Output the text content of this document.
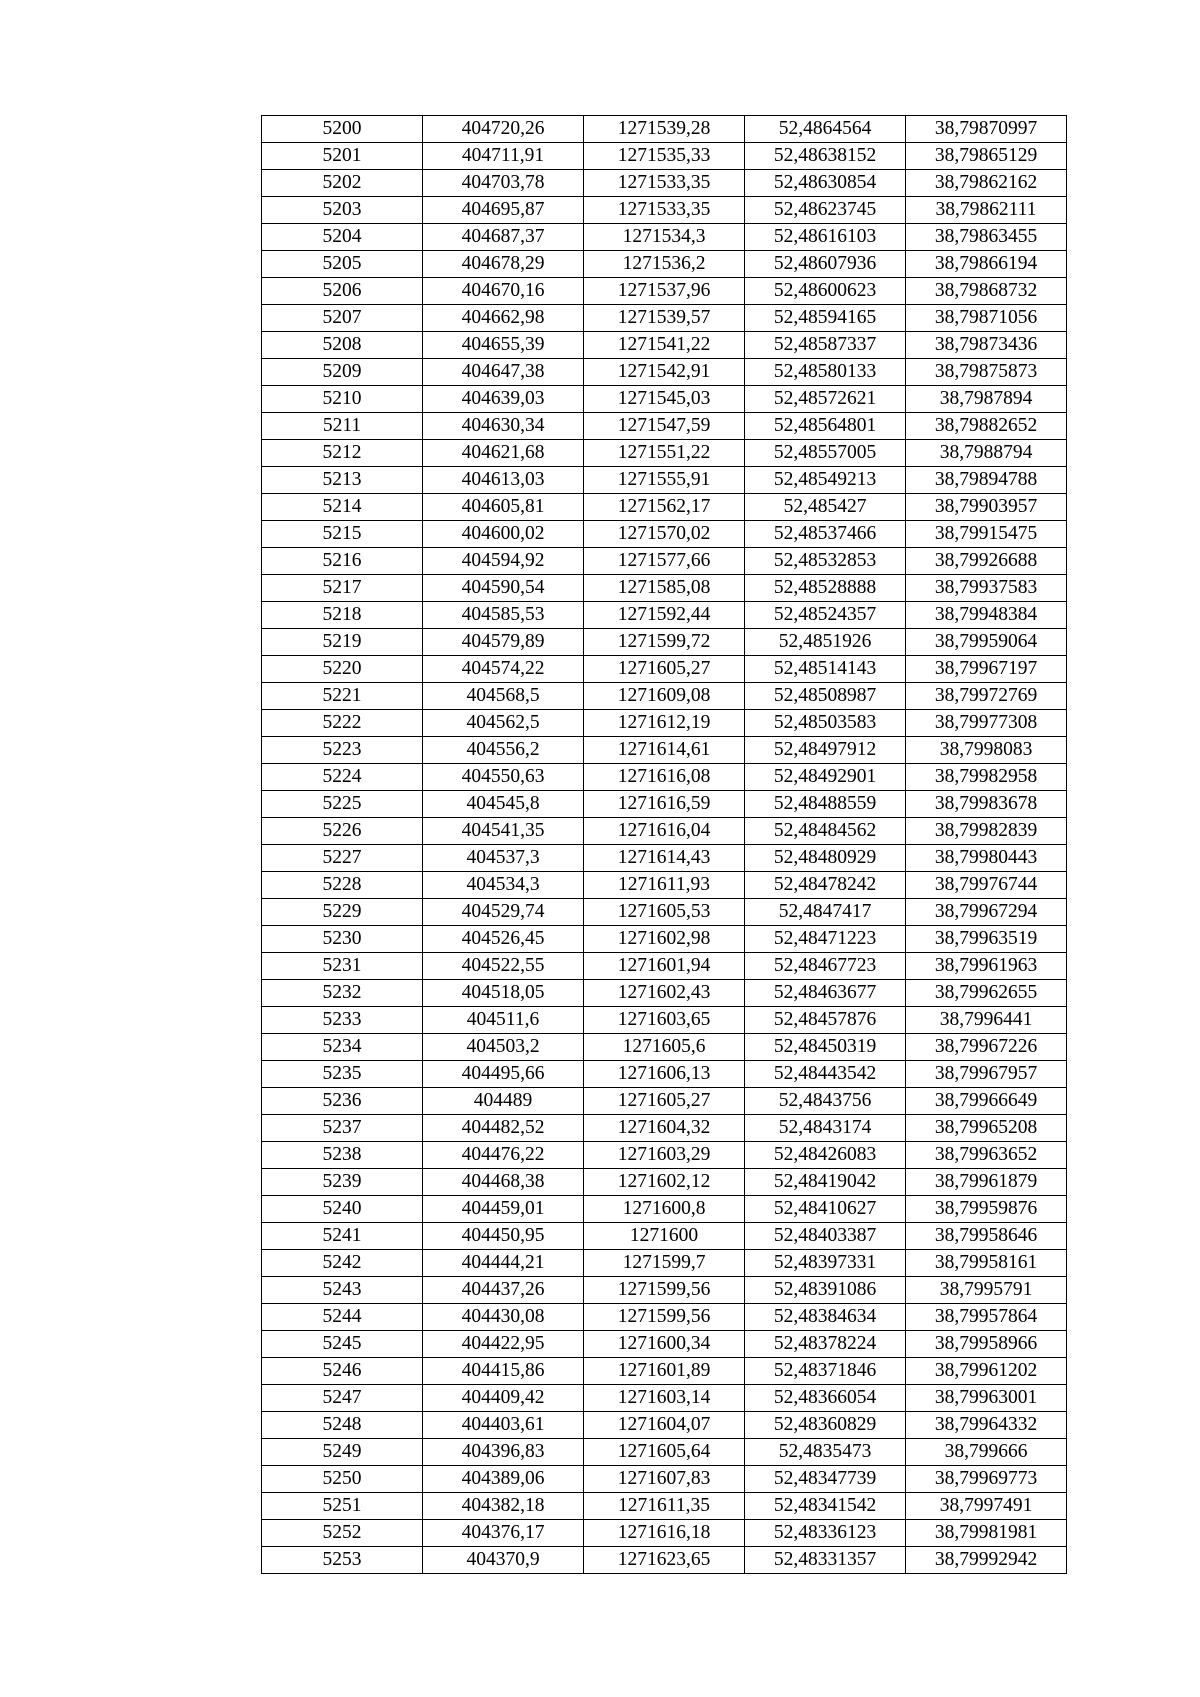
5200	404720,26	1271539,28	52,4864564	38,79870997
5201	404711,91	1271535,33	52,48638152	38,79865129
5202	404703,78	1271533,35	52,48630854	38,79862162
5203	404695,87	1271533,35	52,48623745	38,79862111
5204	404687,37	1271534,3	52,48616103	38,79863455
5205	404678,29	1271536,2	52,48607936	38,79866194
5206	404670,16	1271537,96	52,48600623	38,79868732
5207	404662,98	1271539,57	52,48594165	38,79871056
5208	404655,39	1271541,22	52,48587337	38,79873436
5209	404647,38	1271542,91	52,48580133	38,79875873
5210	404639,03	1271545,03	52,48572621	38,7987894
5211	404630,34	1271547,59	52,48564801	38,79882652
5212	404621,68	1271551,22	52,48557005	38,7988794
5213	404613,03	1271555,91	52,48549213	38,79894788
5214	404605,81	1271562,17	52,485427	38,79903957
5215	404600,02	1271570,02	52,48537466	38,79915475
5216	404594,92	1271577,66	52,48532853	38,79926688
5217	404590,54	1271585,08	52,48528888	38,79937583
5218	404585,53	1271592,44	52,48524357	38,79948384
5219	404579,89	1271599,72	52,4851926	38,79959064
5220	404574,22	1271605,27	52,48514143	38,79967197
5221	404568,5	1271609,08	52,48508987	38,79972769
5222	404562,5	1271612,19	52,48503583	38,79977308
5223	404556,2	1271614,61	52,48497912	38,7998083
5224	404550,63	1271616,08	52,48492901	38,79982958
5225	404545,8	1271616,59	52,48488559	38,79983678
5226	404541,35	1271616,04	52,48484562	38,79982839
5227	404537,3	1271614,43	52,48480929	38,79980443
5228	404534,3	1271611,93	52,48478242	38,79976744
5229	404529,74	1271605,53	52,4847417	38,79967294
5230	404526,45	1271602,98	52,48471223	38,79963519
5231	404522,55	1271601,94	52,48467723	38,79961963
5232	404518,05	1271602,43	52,48463677	38,79962655
5233	404511,6	1271603,65	52,48457876	38,7996441
5234	404503,2	1271605,6	52,48450319	38,79967226
5235	404495,66	1271606,13	52,48443542	38,79967957
5236	404489	1271605,27	52,4843756	38,79966649
5237	404482,52	1271604,32	52,4843174	38,79965208
5238	404476,22	1271603,29	52,48426083	38,79963652
5239	404468,38	1271602,12	52,48419042	38,79961879
5240	404459,01	1271600,8	52,48410627	38,79959876
5241	404450,95	1271600	52,48403387	38,79958646
5242	404444,21	1271599,7	52,48397331	38,79958161
5243	404437,26	1271599,56	52,48391086	38,7995791
5244	404430,08	1271599,56	52,48384634	38,79957864
5245	404422,95	1271600,34	52,48378224	38,79958966
5246	404415,86	1271601,89	52,48371846	38,79961202
5247	404409,42	1271603,14	52,48366054	38,79963001
5248	404403,61	1271604,07	52,48360829	38,79964332
5249	404396,83	1271605,64	52,4835473	38,799666
5250	404389,06	1271607,83	52,48347739	38,79969773
5251	404382,18	1271611,35	52,48341542	38,7997491
5252	404376,17	1271616,18	52,48336123	38,79981981
5253	404370,9	1271623,65	52,48331357	38,79992942
